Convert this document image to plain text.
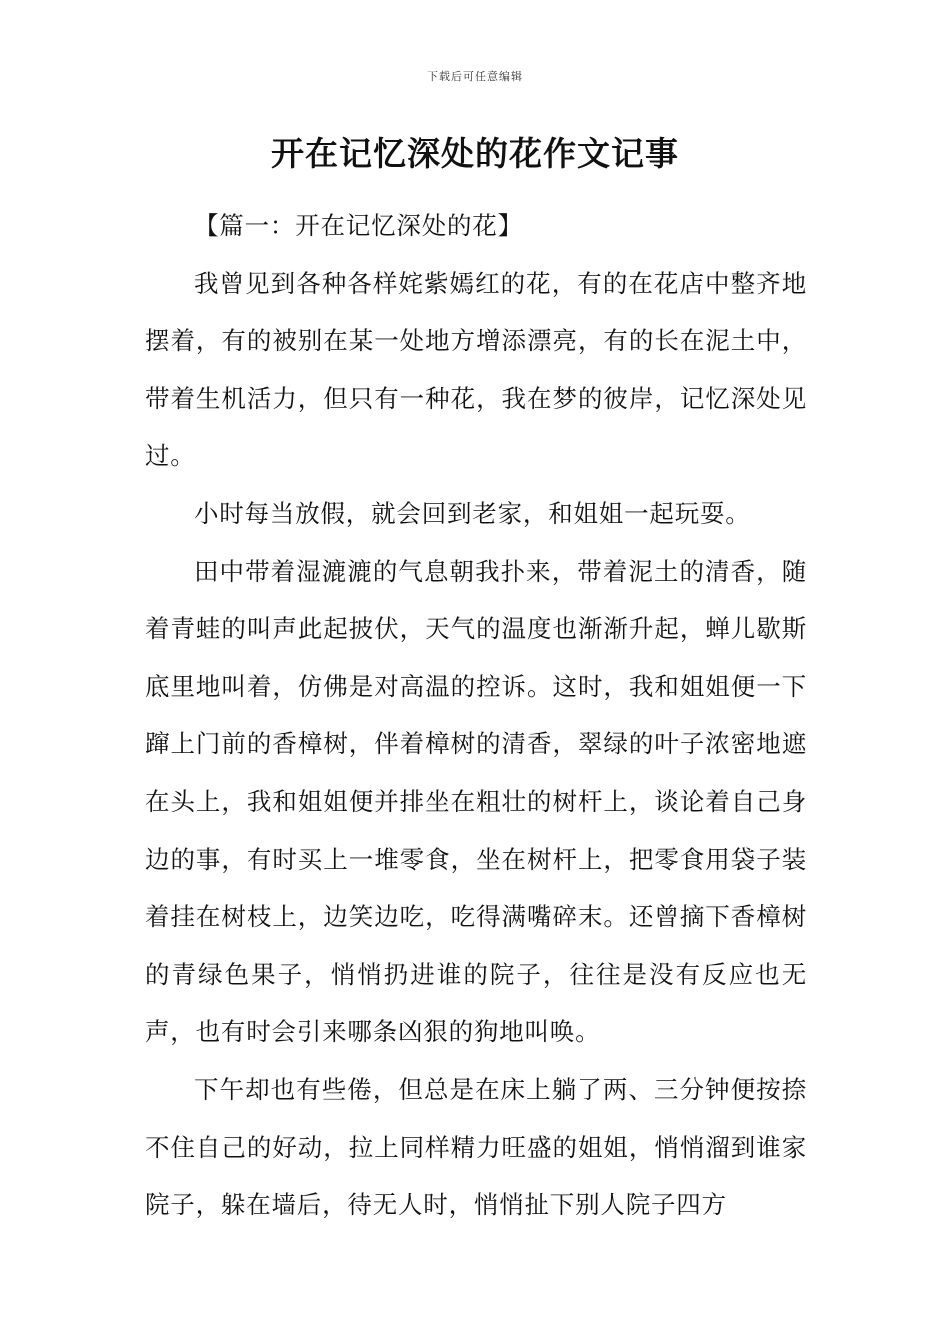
下载后可任意编辑
开在记忆深处的花作文记事

【篇一：开在记忆深处的花】

我曾见到各种各样姹紫嫣红的花，有的在花店中整齐地摆着，有的被别在某一处地方增添漂亮，有的长在泥土中，带着生机活力，但只有一种花，我在梦的彼岸，记忆深处见过。

小时每当放假，就会回到老家，和姐姐一起玩耍。

田中带着湿漉漉的气息朝我扑来，带着泥土的清香，随着青蛙的叫声此起披伏，天气的温度也渐渐升起，蝉儿歇斯底里地叫着，仿佛是对高温的控诉。这时，我和姐姐便一下蹿上门前的香樟树，伴着樟树的清香，翠绿的叶子浓密地遮在头上，我和姐姐便并排坐在粗壮的树杆上，谈论着自己身边的事，有时买上一堆零食，坐在树杆上，把零食用袋子装着挂在树枝上，边笑边吃，吃得满嘴碎末。还曾摘下香樟树的青绿色果子，悄悄扔进谁的院子，往往是没有反应也无声，也有时会引来哪条凶狠的狗地叫唤。

下午却也有些倦，但总是在床上躺了两、三分钟便按捺不住自己的好动，拉上同样精力旺盛的姐姐，悄悄溜到谁家院子，躲在墙后，待无人时，悄悄扯下别人院子四方
